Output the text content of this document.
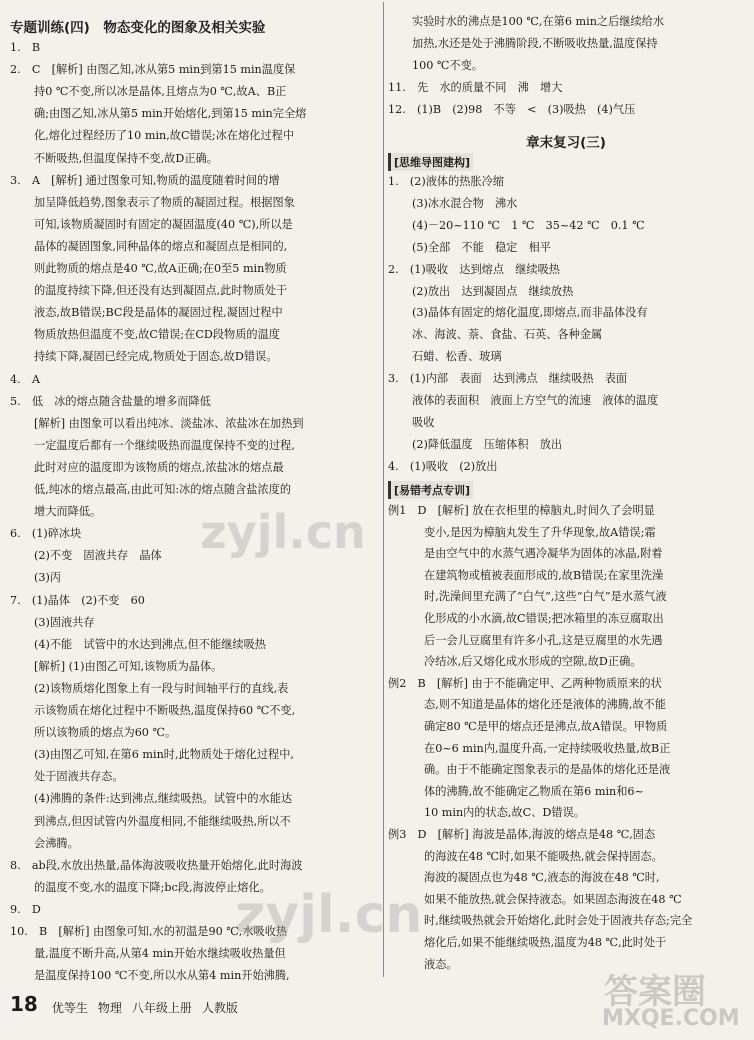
专题训练(四)　物态变化的图象及相关实验
1.　B
2.　C　[解析] 由图乙知,冰从第5 min到第15 min温度保
持0 ℃不变,所以冰是晶体,且熔点为0 ℃,故A、B正
确;由图乙知,冰从第5 min开始熔化,到第15 min完全熔
化,熔化过程经历了10 min,故C错误;冰在熔化过程中
不断吸热,但温度保持不变,故D正确。
3.　A　[解析] 通过图象可知,物质的温度随着时间的增
加呈降低趋势,图象表示了物质的凝固过程。根据图象
可知,该物质凝固时有固定的凝固温度(40 ℃),所以是
晶体的凝固图象,同种晶体的熔点和凝固点是相同的,
则此物质的熔点是40 ℃,故A正确;在0至5 min物质
的温度持续下降,但还没有达到凝固点,此时物质处于
液态,故B错误;BC段是晶体的凝固过程,凝固过程中
物质放热但温度不变,故C错误;在CD段物质的温度
持续下降,凝固已经完成,物质处于固态,故D错误。
4.　A
5.　低　冰的熔点随含盐量的增多而降低
[解析] 由图象可以看出纯冰、淡盐冰、浓盐冰在加热到
一定温度后都有一个继续吸热而温度保持不变的过程,
此时对应的温度即为该物质的熔点,浓盐冰的熔点最
低,纯冰的熔点最高,由此可知:冰的熔点随含盐浓度的
增大而降低。
6.　(1)碎冰块
(2)不变　固液共存　晶体
(3)丙
7.　(1)晶体　(2)不变　60
(3)固液共存
(4)不能　试管中的水达到沸点,但不能继续吸热
[解析] (1)由图乙可知,该物质为晶体。
(2)该物质熔化图象上有一段与时间轴平行的直线,表
示该物质在熔化过程中不断吸热,温度保持60 ℃不变,
所以该物质的熔点为60 ℃。
(3)由图乙可知,在第6 min时,此物质处于熔化过程中,
处于固液共存态。
(4)沸腾的条件:达到沸点,继续吸热。试管中的水能达
到沸点,但因试管内外温度相同,不能继续吸热,所以不
会沸腾。
8.　ab段,水放出热量,晶体海波吸收热量开始熔化,此时海波
的温度不变,水的温度下降;bc段,海波停止熔化。
9.　D
10.　B　[解析] 由图象可知,水的初温是90 ℃,水吸收热
量,温度不断升高,从第4 min开始水继续吸收热量但
是温度保持100 ℃不变,所以水从第4 min开始沸腾,
实验时水的沸点是100 ℃,在第6 min之后继续给水
加热,水还是处于沸腾阶段,不断吸收热量,温度保持
100 ℃不变。
11.　先　水的质量不同　沸　增大
12.　(1)B　(2)98　不等　<　(3)吸热　(4)气压
章末复习(三)
[思维导图建构]
1.　(2)液体的热胀冷缩
(3)冰水混合物　沸水
(4)－20~110 ℃　1 ℃　35~42 ℃　0.1 ℃
(5)全部　不能　稳定　相平
2.　(1)吸收　达到熔点　继续吸热
(2)放出　达到凝固点　继续放热
(3)晶体有固定的熔化温度,即熔点,而非晶体没有
冰、海波、萘、食盐、石英、各种金属
石蜡、松香、玻璃
3.　(1)内部　表面　达到沸点　继续吸热　表面
液体的表面积　液面上方空气的流速　液体的温度
吸收
(2)降低温度　压缩体积　放出
4.　(1)吸收　(2)放出
[易错考点专训]
例1　D　[解析] 放在衣柜里的樟脑丸,时间久了会明显
变小,是因为樟脑丸发生了升华现象,故A错误;霜
是由空气中的水蒸气遇冷凝华为固体的冰晶,附着
在建筑物或植被表面形成的,故B错误;在家里洗澡
时,洗澡间里充满了“白气”,这些“白气”是水蒸气液
化形成的小水滴,故C错误;把冰箱里的冻豆腐取出
后一会儿豆腐里有许多小孔,这是豆腐里的水先遇
冷结冰,后又熔化成水形成的空隙,故D正确。
例2　B　[解析] 由于不能确定甲、乙两种物质原来的状
态,则不知道是晶体的熔化还是液体的沸腾,故不能
确定80 ℃是甲的熔点还是沸点,故A错误。甲物质
在0~6 min内,温度升高,一定持续吸收热量,故B正
确。由于不能确定图象表示的是晶体的熔化还是液
体的沸腾,故不能确定乙物质在第6 min和6~
10 min内的状态,故C、D错误。
例3　D　[解析] 海波是晶体,海波的熔点是48 ℃,固态
的海波在48 ℃时,如果不能吸热,就会保持固态。
海波的凝固点也为48 ℃,液态的海波在48 ℃时,
如果不能放热,就会保持液态。如果固态海波在48 ℃
时,继续吸热就会开始熔化,此时会处于固液共存态;完全
熔化后,如果不能继续吸热,温度为48 ℃,此时处于
液态。
zyjl.cn
zyjl.cn
答案圈
MXQE.COM
18 优等生 物理 八年级上册 人教版
